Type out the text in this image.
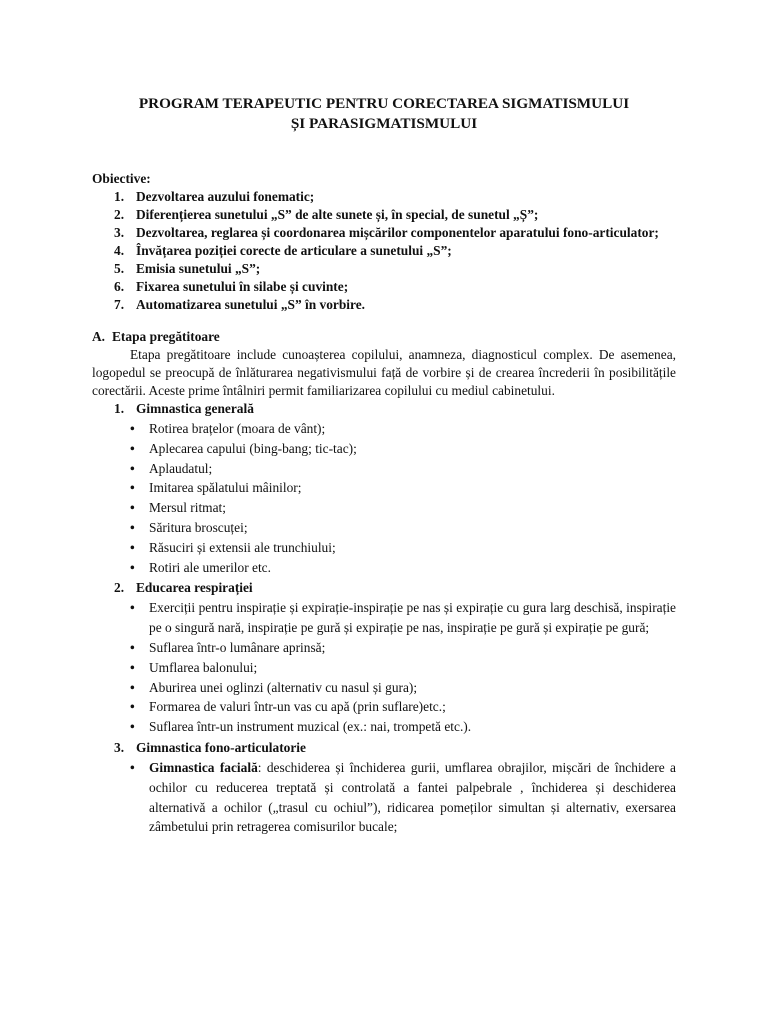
PROGRAM TERAPEUTIC PENTRU CORECTAREA SIGMATISMULUI
ȘI PARASIGMATISMULUI
Obiective:
1. Dezvoltarea auzului fonematic;
2. Diferențierea sunetului „S” de alte sunete și, în special, de sunetul „Ș”;
3. Dezvoltarea, reglarea și coordonarea mișcărilor componentelor aparatului fono-articulator;
4. Învățarea poziției corecte de articulare a sunetului „S”;
5. Emisia sunetului „S”;
6. Fixarea sunetului în silabe și cuvinte;
7. Automatizarea sunetului „S” în vorbire.
A. Etapa pregătitoare

Etapa pregătitoare include cunoașterea copilului, anamneza, diagnosticul complex. De asemenea, logopedul se preocupă de înlăturarea negativismului față de vorbire și de crearea încrederii în posibilitățile corectării. Aceste prime întâlniri permit familiarizarea copilului cu mediul cabinetului.

1. Gimnastica generală
• Rotirea brațelor (moara de vânt);
• Aplecarea capului (bing-bang; tic-tac);
• Aplaudatul;
• Imitarea spălatului mâinilor;
• Mersul ritmat;
• Săritura broscuței;
• Răsuciri și extensii ale trunchiului;
• Rotiri ale umerilor etc.
2. Educarea respirației
• Exerciții pentru inspirație și expirație-inspirație pe nas și expirație cu gura larg deschisă, inspirație pe o singură nară, inspirație pe gură și expirație pe nas, inspirație pe gură și expirație pe gură;
• Suflarea într-o lumânare aprinsă;
• Umflarea balonului;
• Aburirea unei oglinzi (alternativ cu nasul și gura);
• Formarea de valuri într-un vas cu apă (prin suflare)etc.;
• Suflarea într-un instrument muzical (ex.: nai, trompetă etc.).
3. Gimnastica fono-articulatorie
• Gimnastica facială: deschiderea și închiderea gurii, umflarea obrajilor, mișcări de închidere a ochilor cu reducerea treptată și controlată a fantei palpebrale , închiderea și deschiderea alternativă a ochilor („trasul cu ochiul”), ridicarea pomeților simultan și alternativ, exersarea zâmbetului prin retragerea comisurilor bucale;
